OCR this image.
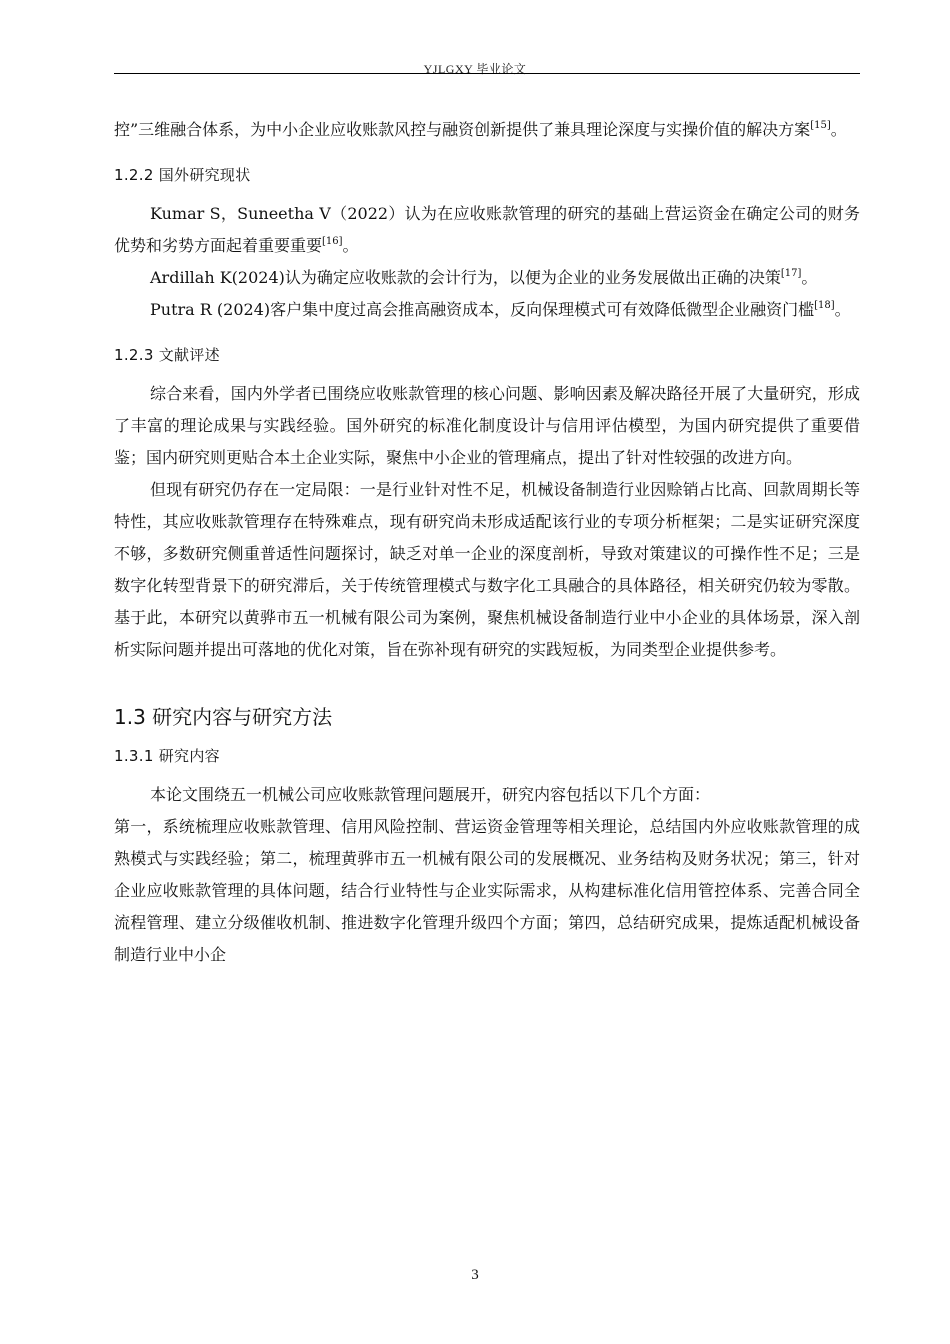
YJLGXY 毕业论文

控”三维融合体系，为中小企业应收账款风控与融资创新提供了兼具理论深度与实操价值的解决方案[15]。

1.2.2 国外研究现状

Kumar S，Suneetha V（2022）认为在应收账款管理的研究的基础上营运资金在确定公司的财务优势和劣势方面起着重要重要[16]。

Ardillah K(2024)认为确定应收账款的会计行为，以便为企业的业务发展做出正确的决策[17]。

Putra R (2024)客户集中度过高会推高融资成本，反向保理模式可有效降低微型企业融资门槛[18]。

1.2.3 文献评述

综合来看，国内外学者已围绕应收账款管理的核心问题、影响因素及解决路径开展了大量研究，形成了丰富的理论成果与实践经验。国外研究的标准化制度设计与信用评估模型，为国内研究提供了重要借鉴；国内研究则更贴合本土企业实际，聚焦中小企业的管理痛点，提出了针对性较强的改进方向。

但现有研究仍存在一定局限：一是行业针对性不足，机械设备制造行业因赊销占比高、回款周期长等特性，其应收账款管理存在特殊难点，现有研究尚未形成适配该行业的专项分析框架；二是实证研究深度不够，多数研究侧重普适性问题探讨，缺乏对单一企业的深度剖析，导致对策建议的可操作性不足；三是数字化转型背景下的研究滞后，关于传统管理模式与数字化工具融合的具体路径，相关研究仍较为零散。基于此，本研究以黄骅市五一机械有限公司为案例，聚焦机械设备制造行业中小企业的具体场景，深入剖析实际问题并提出可落地的优化对策，旨在弥补现有研究的实践短板，为同类型企业提供参考。

1.3 研究内容与研究方法
1.3.1 研究内容

本论文围绕五一机械公司应收账款管理问题展开，研究内容包括以下几个方面：

第一，系统梳理应收账款管理、信用风险控制、营运资金管理等相关理论，总结国内外应收账款管理的成熟模式与实践经验；第二，梳理黄骅市五一机械有限公司的发展概况、业务结构及财务状况；第三，针对企业应收账款管理的具体问题，结合行业特性与企业实际需求，从构建标准化信用管控体系、完善合同全流程管理、建立分级催收机制、推进数字化管理升级四个方面；第四，总结研究成果，提炼适配机械设备制造行业中小企

3
